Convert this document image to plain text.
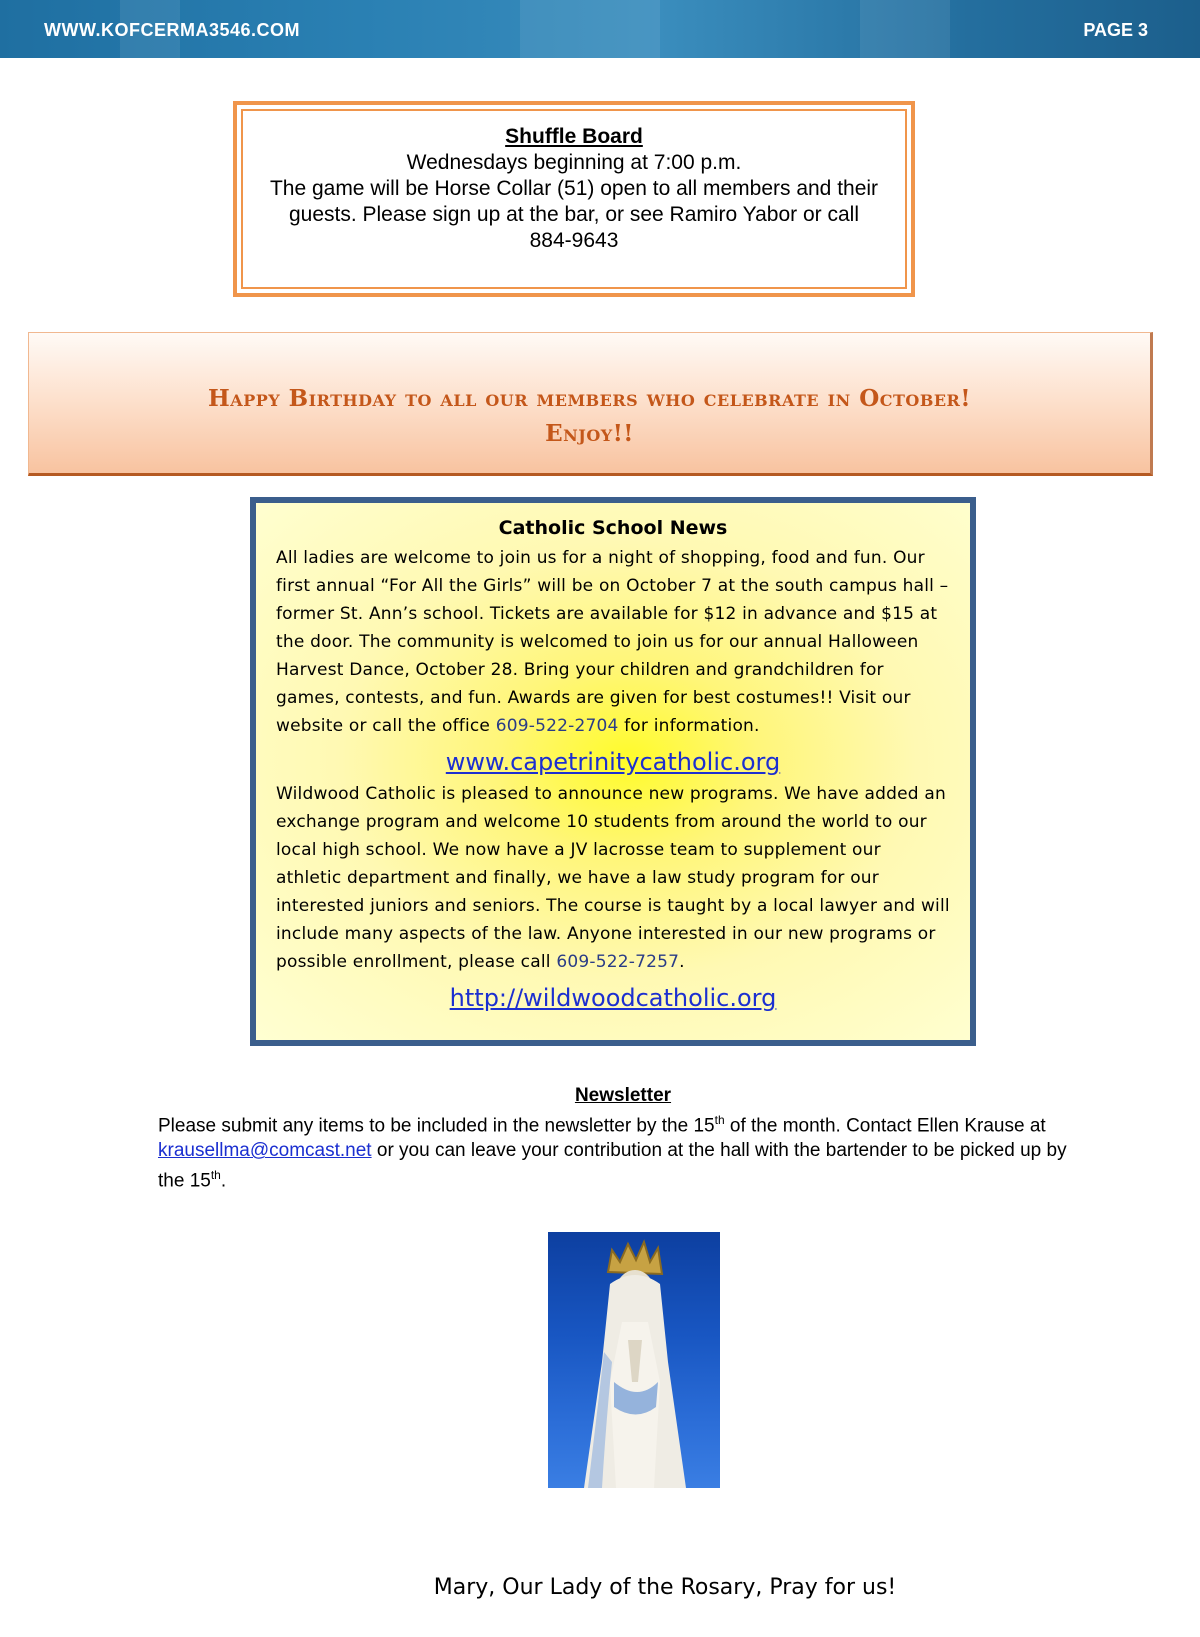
WWW.KOFCERMA3546.COM	PAGE 3
Shuffle Board
Wednesdays beginning at 7:00 p.m.
The game will be Horse Collar (51) open to all members and their guests. Please sign up at the bar, or see Ramiro Yabor or call
884-9643
Happy Birthday to all our members who celebrate in October!
Enjoy!!
Catholic School News

All ladies are welcome to join us for a night of shopping, food and fun. Our first annual “For All the Girls” will be on October 7 at the south campus hall – former St. Ann’s school. Tickets are available for $12 in advance and $15 at the door. The community is welcomed to join us for our annual Halloween Harvest Dance, October 28. Bring your children and grandchildren for games, contests, and fun. Awards are given for best costumes!! Visit our website or call the office 609-522-2704 for information.

www.capetrinitycatholic.org

Wildwood Catholic is pleased to announce new programs. We have added an exchange program and welcome 10 students from around the world to our local high school. We now have a JV lacrosse team to supplement our athletic department and finally, we have a law study program for our interested juniors and seniors. The course is taught by a local lawyer and will include many aspects of the law. Anyone interested in our new programs or possible enrollment, please call 609-522-7257.

http://wildwoodcatholic.org
Newsletter
Please submit any items to be included in the newsletter by the 15th of the month. Contact Ellen Krause at krausellma@comcast.net or you can leave your contribution at the hall with the bartender to be picked up by the 15th.
Mary, Our Lady of the Rosary, Pray for us!
